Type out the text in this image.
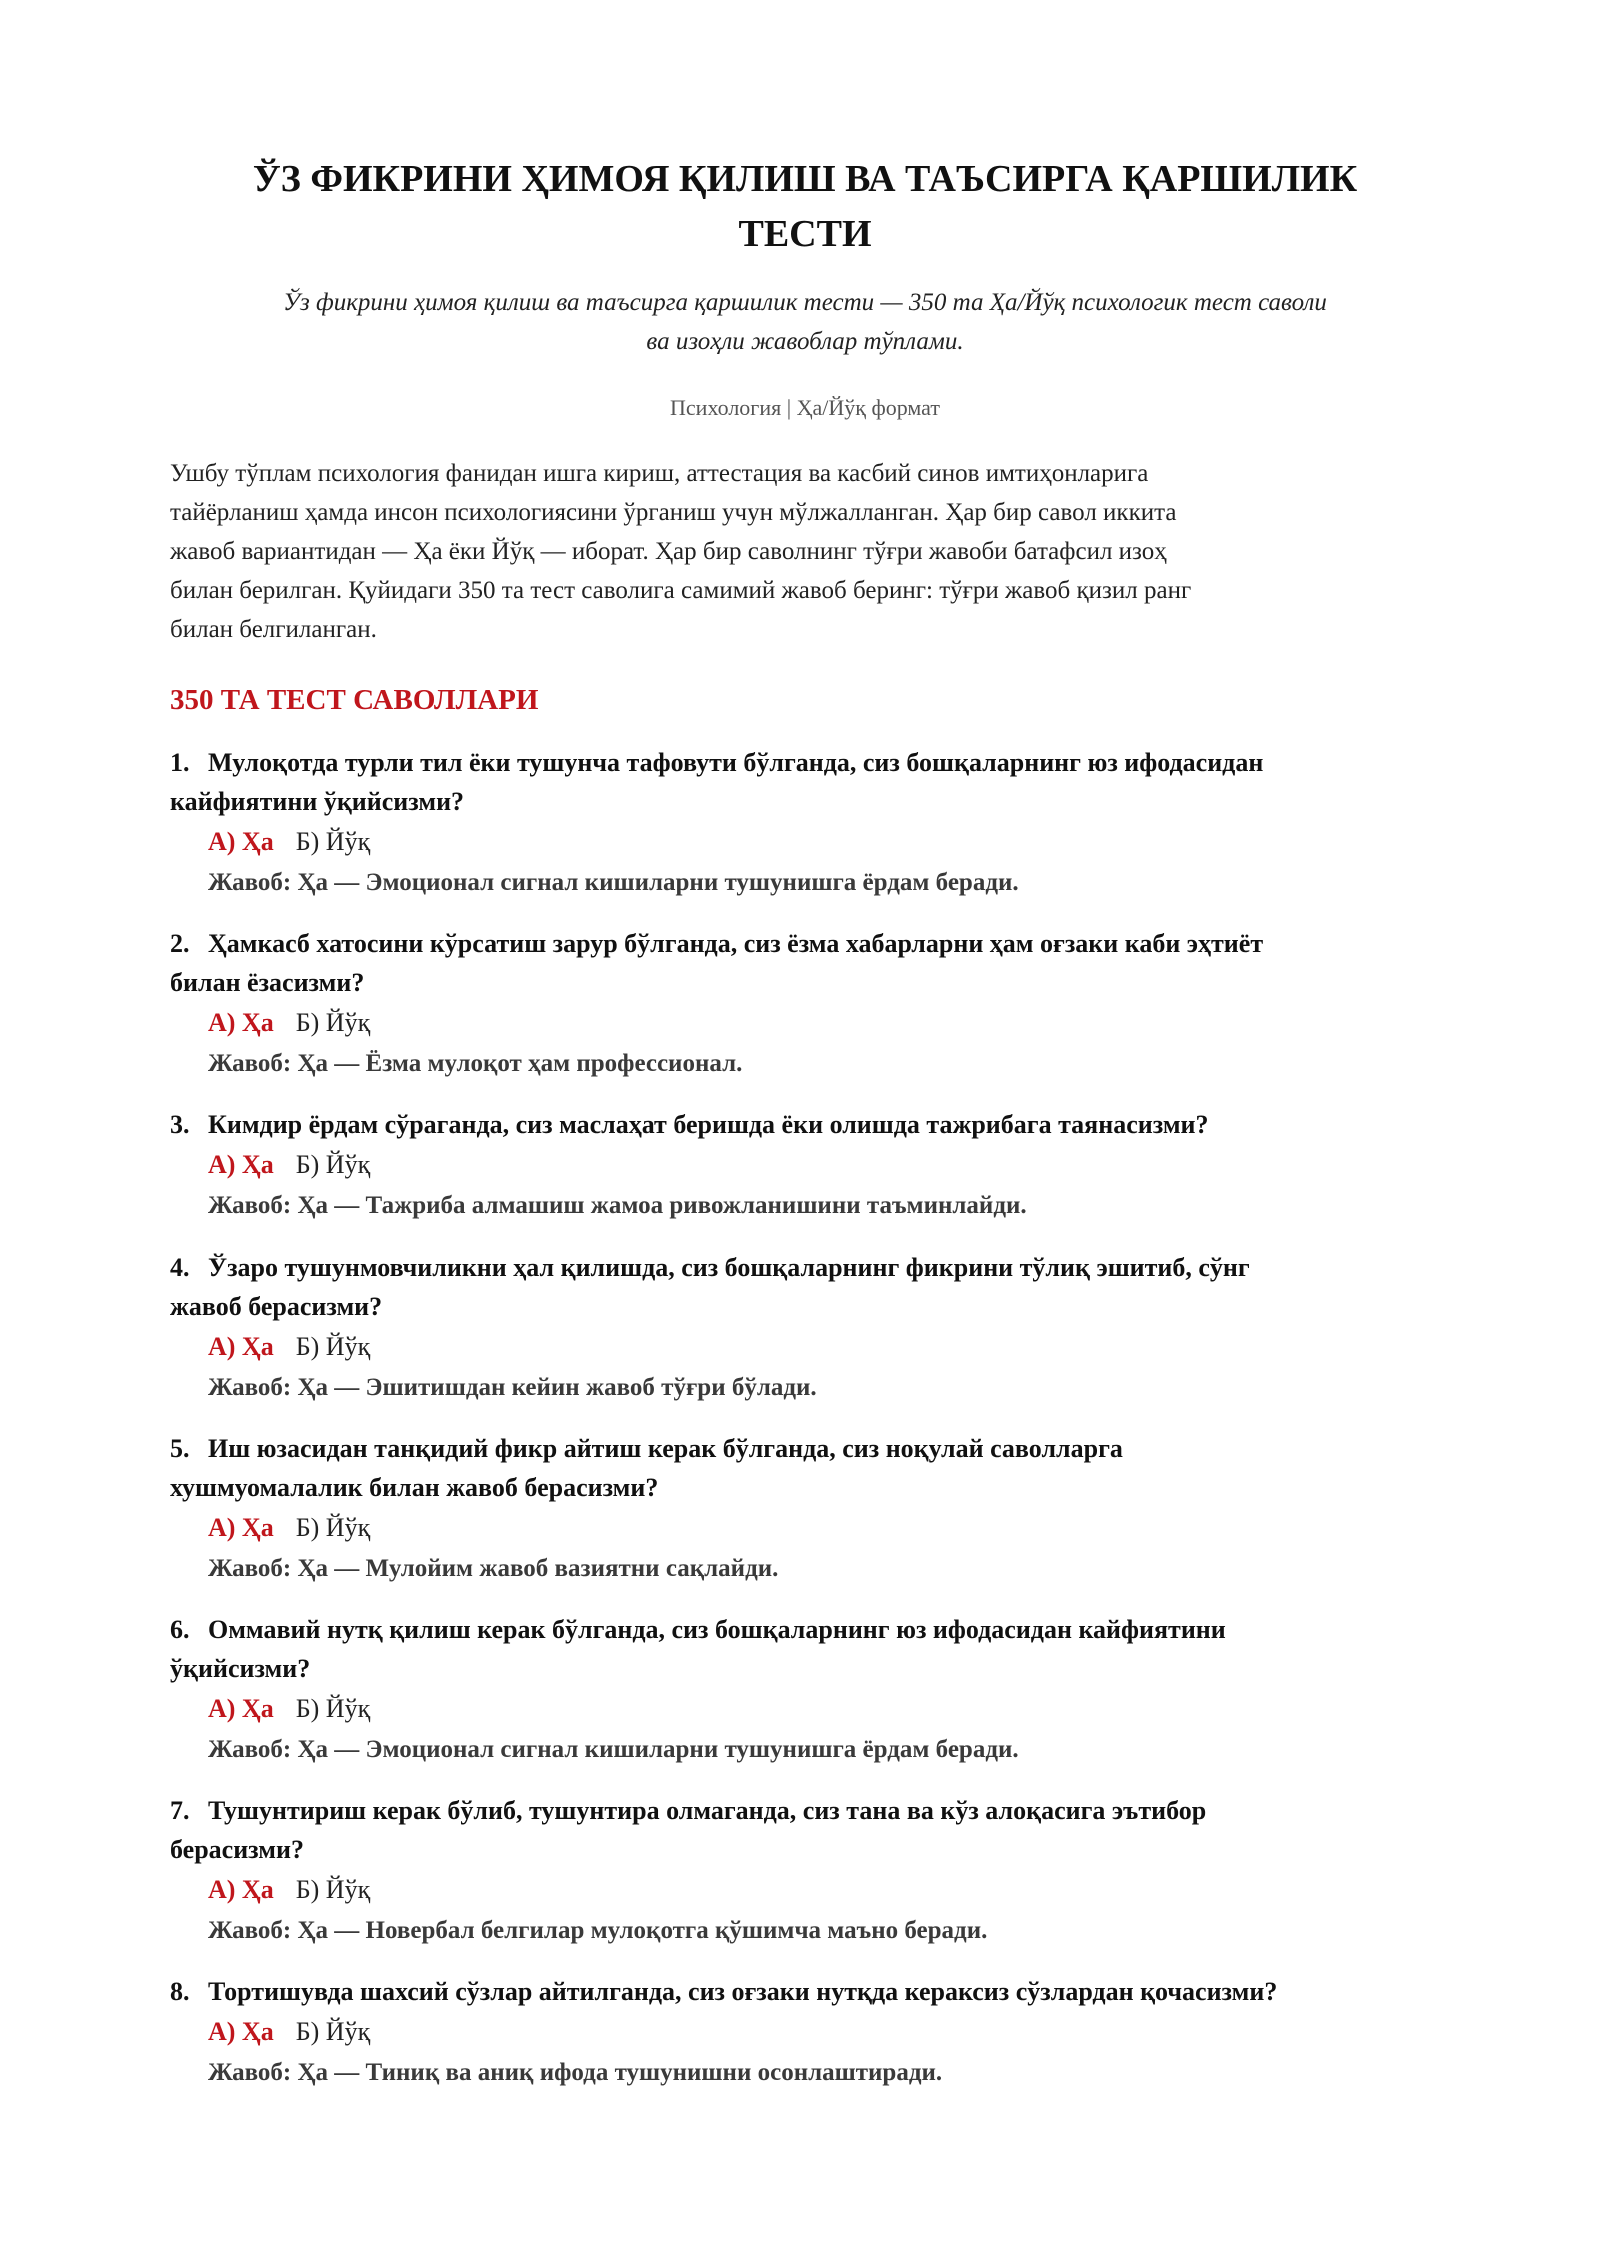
ЎЗ ФИКРИНИ ҲИМОЯ ҚИЛИШ ВА ТАЪСИРГА ҚАРШИЛИК
ТЕСТИ
Ўз фикрини ҳимоя қилиш ва таъсирга қаршилик тести — 350 та Ҳа/Йўқ психологик тест саволи
ва изоҳли жавоблар тўплами.
Психология | Ҳа/Йўқ формат
Ушбу тўплам психология фанидан ишга кириш, аттестация ва касбий синов имтиҳонларига
тайёрланиш ҳамда инсон психологиясини ўрганиш учун мўлжалланган. Ҳар бир савол иккита
жавоб вариантидан — Ҳа ёки Йўқ — иборат. Ҳар бир саволнинг тўғри жавоби батафсил изоҳ
билан берилган. Қуйидаги 350 та тест саволига самимий жавоб беринг: тўғри жавоб қизил ранг
билан белгиланган.
350 ТА ТЕСТ САВОЛЛАРИ
1. Мулоқотда турли тил ёки тушунча тафовути бўлганда, сиз бошқаларнинг юз ифодасидан
кайфиятини ўқийсизми?
А) Ҳа Б) Йўқ
Жавоб: Ҳа — Эмоционал сигнал кишиларни тушунишга ёрдам беради.
2. Ҳамкасб хатосини кўрсатиш зарур бўлганда, сиз ёзма хабарларни ҳам оғзаки каби эҳтиёт
билан ёзасизми?
А) Ҳа Б) Йўқ
Жавоб: Ҳа — Ёзма мулоқот ҳам профессионал.
3. Кимдир ёрдам сўраганда, сиз маслаҳат беришда ёки олишда тажрибага таянасизми?
А) Ҳа Б) Йўқ
Жавоб: Ҳа — Тажриба алмашиш жамоа ривожланишини таъминлайди.
4. Ўзаро тушунмовчиликни ҳал қилишда, сиз бошқаларнинг фикрини тўлиқ эшитиб, сўнг
жавоб берасизми?
А) Ҳа Б) Йўқ
Жавоб: Ҳа — Эшитишдан кейин жавоб тўғри бўлади.
5. Иш юзасидан танқидий фикр айтиш керак бўлганда, сиз ноқулай саволларга
хушмуомалалик билан жавоб берасизми?
А) Ҳа Б) Йўқ
Жавоб: Ҳа — Мулойим жавоб вазиятни сақлайди.
6. Оммавий нутқ қилиш керак бўлганда, сиз бошқаларнинг юз ифодасидан кайфиятини
ўқийсизми?
А) Ҳа Б) Йўқ
Жавоб: Ҳа — Эмоционал сигнал кишиларни тушунишга ёрдам беради.
7. Тушунтириш керак бўлиб, тушунтира олмаганда, сиз тана ва кўз алоқасига эътибор
берасизми?
А) Ҳа Б) Йўқ
Жавоб: Ҳа — Новербал белгилар мулоқотга қўшимча маъно беради.
8. Тортишувда шахсий сўзлар айтилганда, сиз оғзаки нутқда кераксиз сўзлардан қочасизми?
А) Ҳа Б) Йўқ
Жавоб: Ҳа — Тиниқ ва аниқ ифода тушунишни осонлаштиради.
